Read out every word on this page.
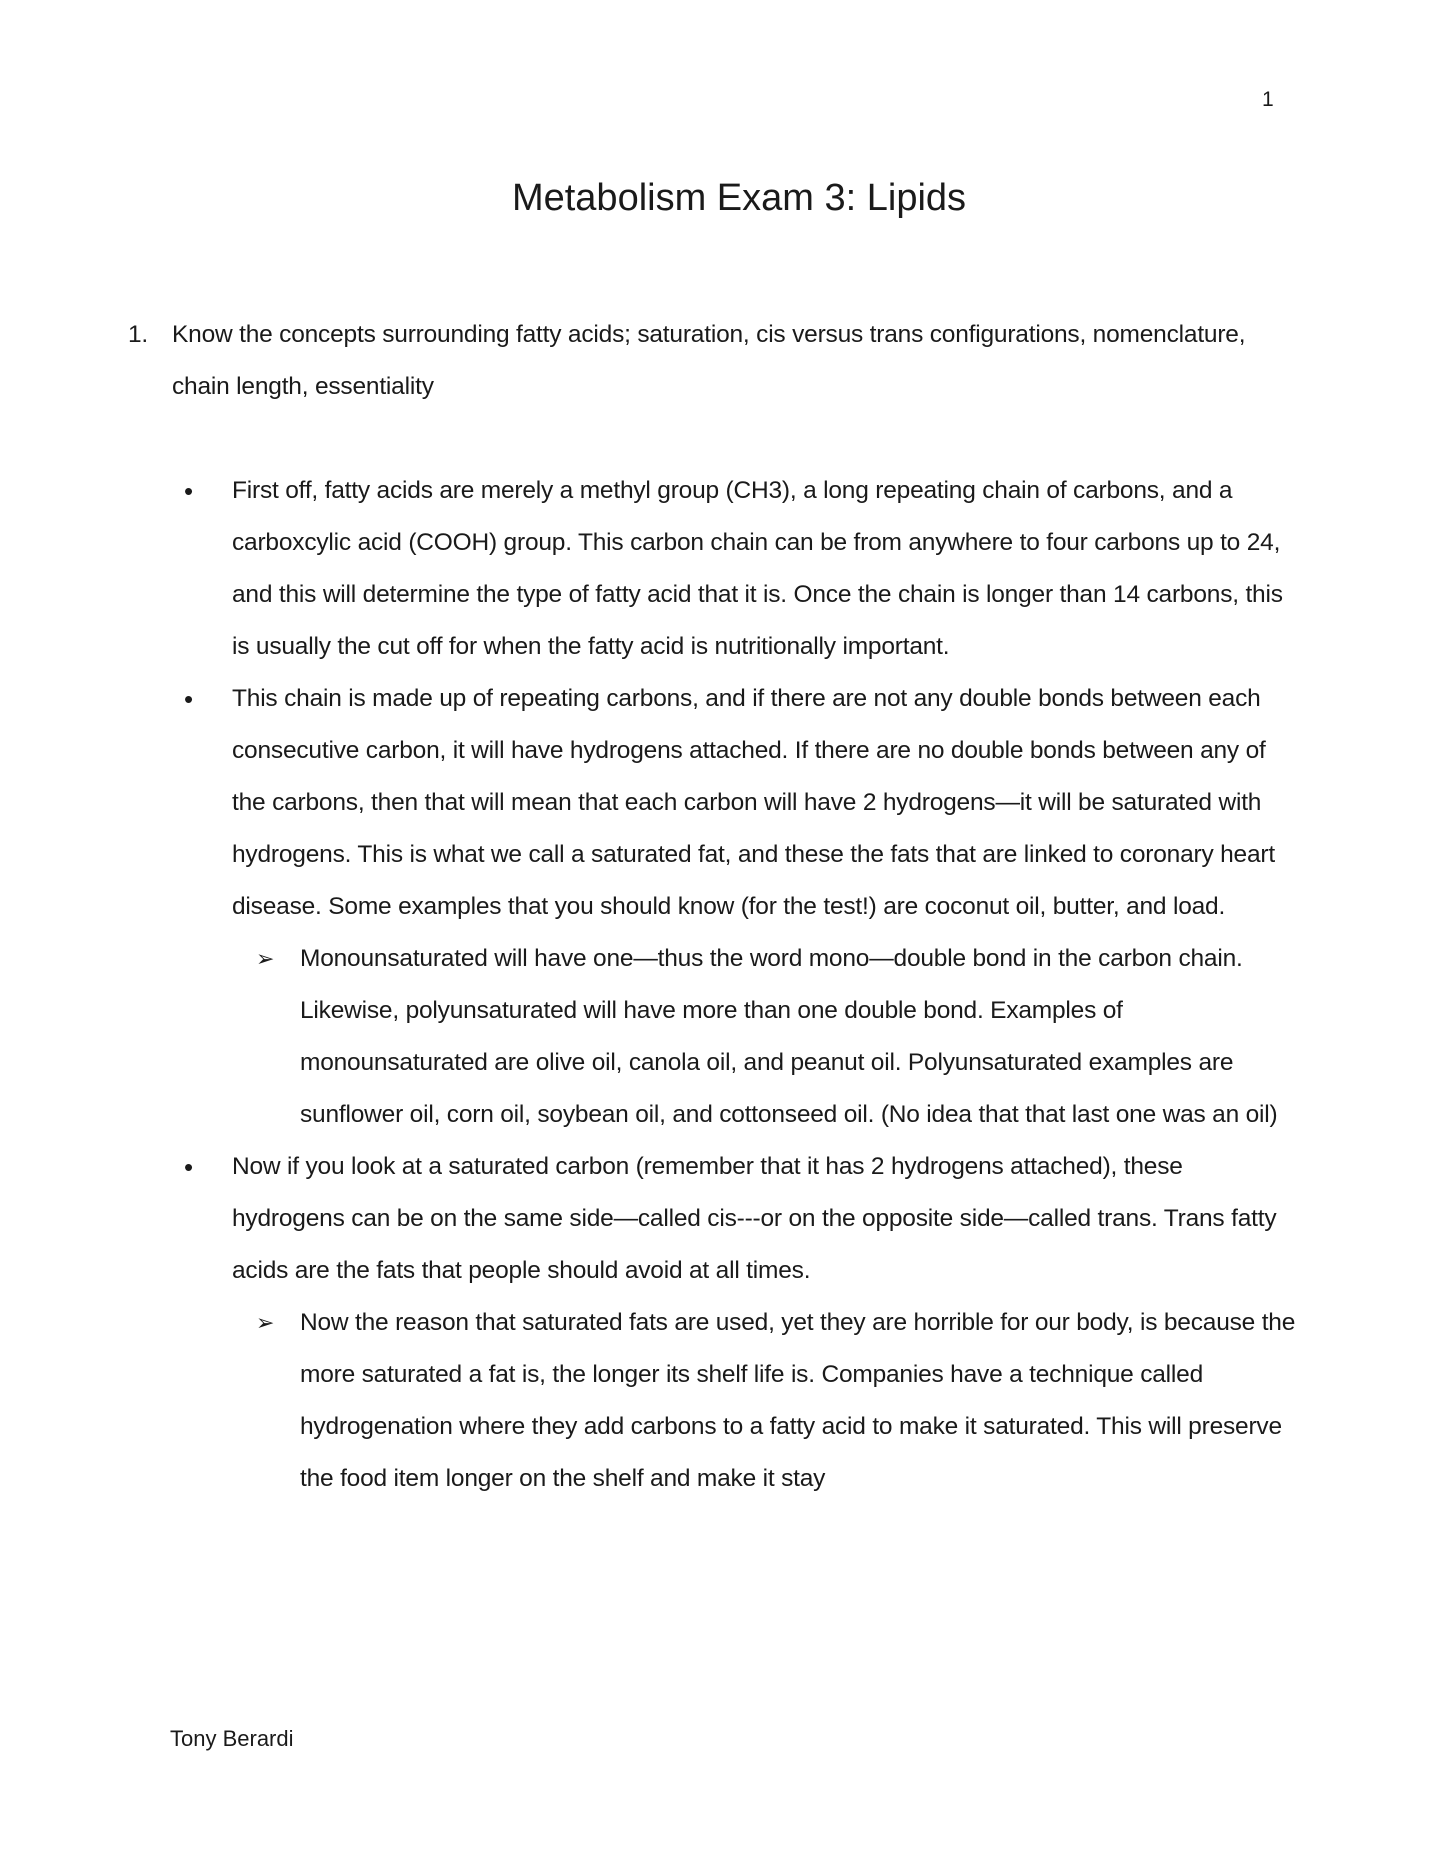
1
Metabolism Exam 3: Lipids
1. Know the concepts surrounding fatty acids; saturation, cis versus trans configurations, nomenclature, chain length, essentiality
• First off, fatty acids are merely a methyl group (CH3), a long repeating chain of carbons, and a carboxcylic acid (COOH) group. This carbon chain can be from anywhere to four carbons up to 24, and this will determine the type of fatty acid that it is. Once the chain is longer than 14 carbons, this is usually the cut off for when the fatty acid is nutritionally important.
• This chain is made up of repeating carbons, and if there are not any double bonds between each consecutive carbon, it will have hydrogens attached. If there are no double bonds between any of the carbons, then that will mean that each carbon will have 2 hydrogens—it will be saturated with hydrogens. This is what we call a saturated fat, and these the fats that are linked to coronary heart disease. Some examples that you should know (for the test!) are coconut oil, butter, and load.
➢ Monounsaturated will have one—thus the word mono—double bond in the carbon chain. Likewise, polyunsaturated will have more than one double bond. Examples of monounsaturated are olive oil, canola oil, and peanut oil. Polyunsaturated examples are sunflower oil, corn oil, soybean oil, and cottonseed oil. (No idea that that last one was an oil)
• Now if you look at a saturated carbon (remember that it has 2 hydrogens attached), these hydrogens can be on the same side—called cis---or on the opposite side—called trans. Trans fatty acids are the fats that people should avoid at all times.
➢ Now the reason that saturated fats are used, yet they are horrible for our body, is because the more saturated a fat is, the longer its shelf life is. Companies have a technique called hydrogenation where they add carbons to a fatty acid to make it saturated. This will preserve the food item longer on the shelf and make it stay
Tony Berardi
